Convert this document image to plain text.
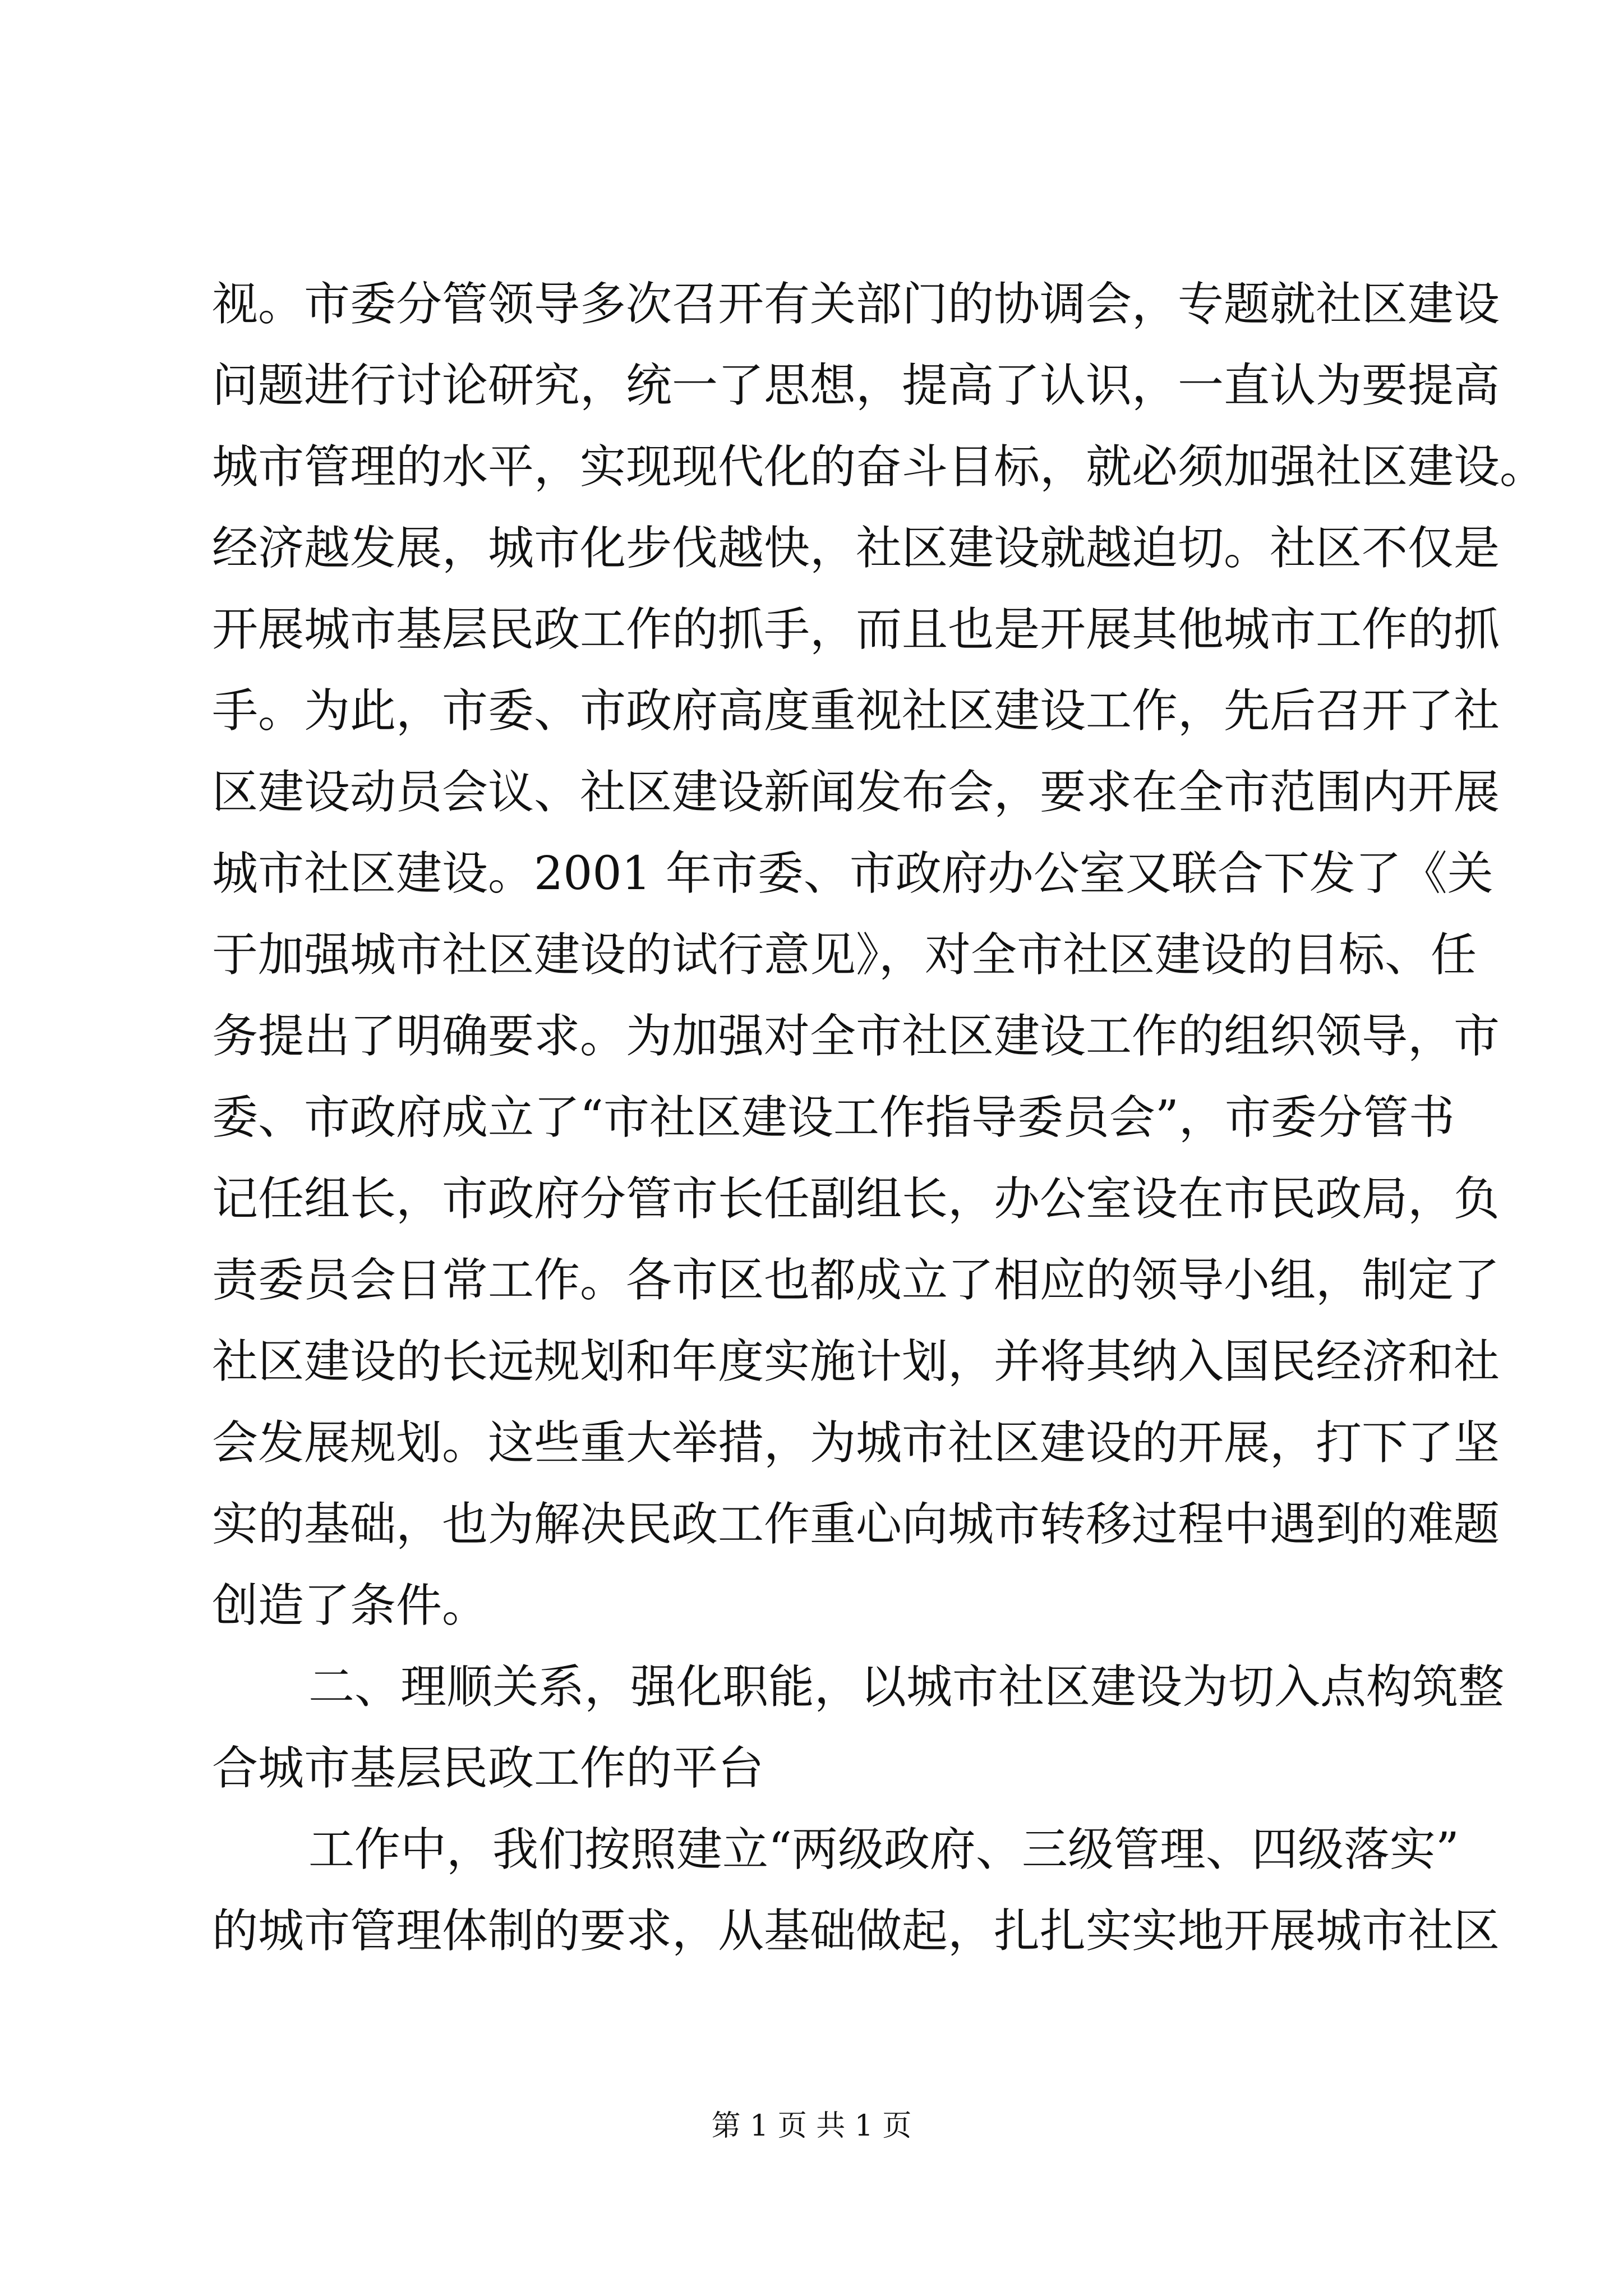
视。市委分管领导多次召开有关部门的协调会，专题就社区建设
问题进行讨论研究，统一了思想，提高了认识，一直认为要提高
城市管理的水平，实现现代化的奋斗目标，就必须加强社区建设。
经济越发展，城市化步伐越快，社区建设就越迫切。社区不仅是
开展城市基层民政工作的抓手，而且也是开展其他城市工作的抓
手。为此，市委、市政府高度重视社区建设工作，先后召开了社
区建设动员会议、社区建设新闻发布会，要求在全市范围内开展
城市社区建设。2001 年市委、市政府办公室又联合下发了《关
于加强城市社区建设的试行意见》，对全市社区建设的目标、任
务提出了明确要求。为加强对全市社区建设工作的组织领导，市
委、市政府成立了“市社区建设工作指导委员会”，市委分管书
记任组长，市政府分管市长任副组长，办公室设在市民政局，负
责委员会日常工作。各市区也都成立了相应的领导小组，制定了
社区建设的长远规划和年度实施计划，并将其纳入国民经济和社
会发展规划。这些重大举措，为城市社区建设的开展，打下了坚
实的基础，也为解决民政工作重心向城市转移过程中遇到的难题
创造了条件。
二、理顺关系，强化职能，以城市社区建设为切入点构筑整
合城市基层民政工作的平台
工作中，我们按照建立“两级政府、三级管理、四级落实”
的城市管理体制的要求，从基础做起，扎扎实实地开展城市社区
第 1 页 共 1 页
